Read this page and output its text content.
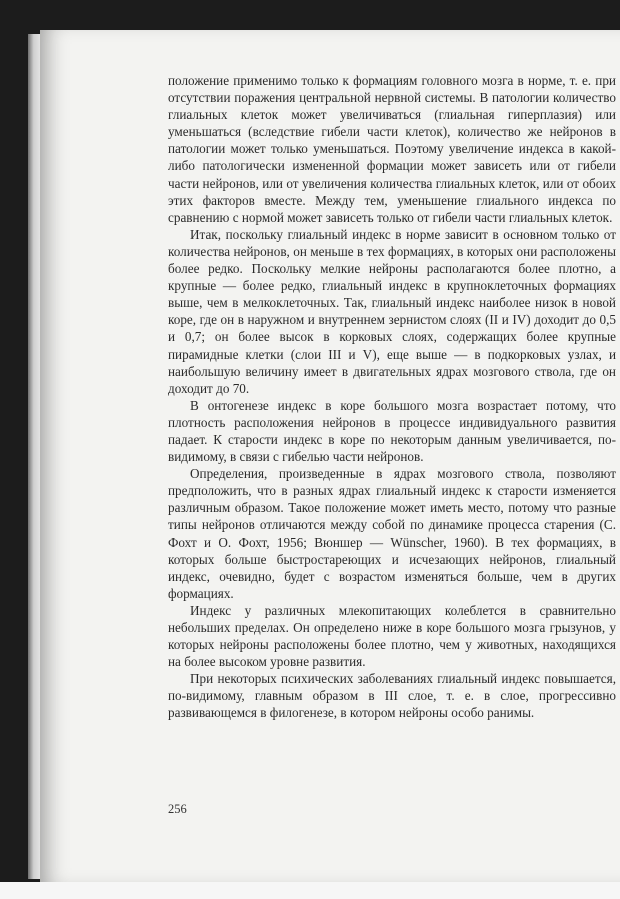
положение применимо только к формациям головного мозга в норме, т. е. при отсутствии поражения центральной нервной системы. В патологии количество глиальных клеток может увеличиваться (глиальная гиперплазия) или уменьшаться (вследствие гибели части клеток), количество же нейронов в патологии может только уменьшаться. Поэтому увеличение индекса в какой-либо патологически измененной формации может зависеть или от гибели части нейронов, или от увеличения количества глиальных клеток, или от обоих этих факторов вместе. Между тем, уменьшение глиального индекса по сравнению с нормой может зависеть только от гибели части глиальных клеток.

Итак, поскольку глиальный индекс в норме зависит в основном только от количества нейронов, он меньше в тех формациях, в которых они расположены более редко. Поскольку мелкие нейроны располагаются более плотно, а крупные — более редко, глиальный индекс в крупноклеточных формациях выше, чем в мелкоклеточных. Так, глиальный индекс наиболее низок в новой коре, где он в наружном и внутреннем зернистом слоях (II и IV) доходит до 0,5 и 0,7; он более высок в корковых слоях, содержащих более крупные пирамидные клетки (слои III и V), еще выше — в подкорковых узлах, и наибольшую величину имеет в двигательных ядрах мозгового ствола, где он доходит до 70.

В онтогенезе индекс в коре большого мозга возрастает потому, что плотность расположения нейронов в процессе индивидуального развития падает. К старости индекс в коре по некоторым данным увеличивается, по-видимому, в связи с гибелью части нейронов.

Определения, произведенные в ядрах мозгового ствола, позволяют предположить, что в разных ядрах глиальный индекс к старости изменяется различным образом. Такое положение может иметь место, потому что разные типы нейронов отличаются между собой по динамике процесса старения (С. Фохт и О. Фохт, 1956; Вюншер — Wünscher, 1960). В тех формациях, в которых больше быстростареющих и исчезающих нейронов, глиальный индекс, очевидно, будет с возрастом изменяться больше, чем в других формациях.

Индекс у различных млекопитающих колеблется в сравнительно небольших пределах. Он определено ниже в коре большого мозга грызунов, у которых нейроны расположены более плотно, чем у животных, находящихся на более высоком уровне развития.

При некоторых психических заболеваниях глиальный индекс повышается, по-видимому, главным образом в III слое, т. е. в слое, прогрессивно развивающемся в филогенезе, в котором нейроны особо ранимы.

256
